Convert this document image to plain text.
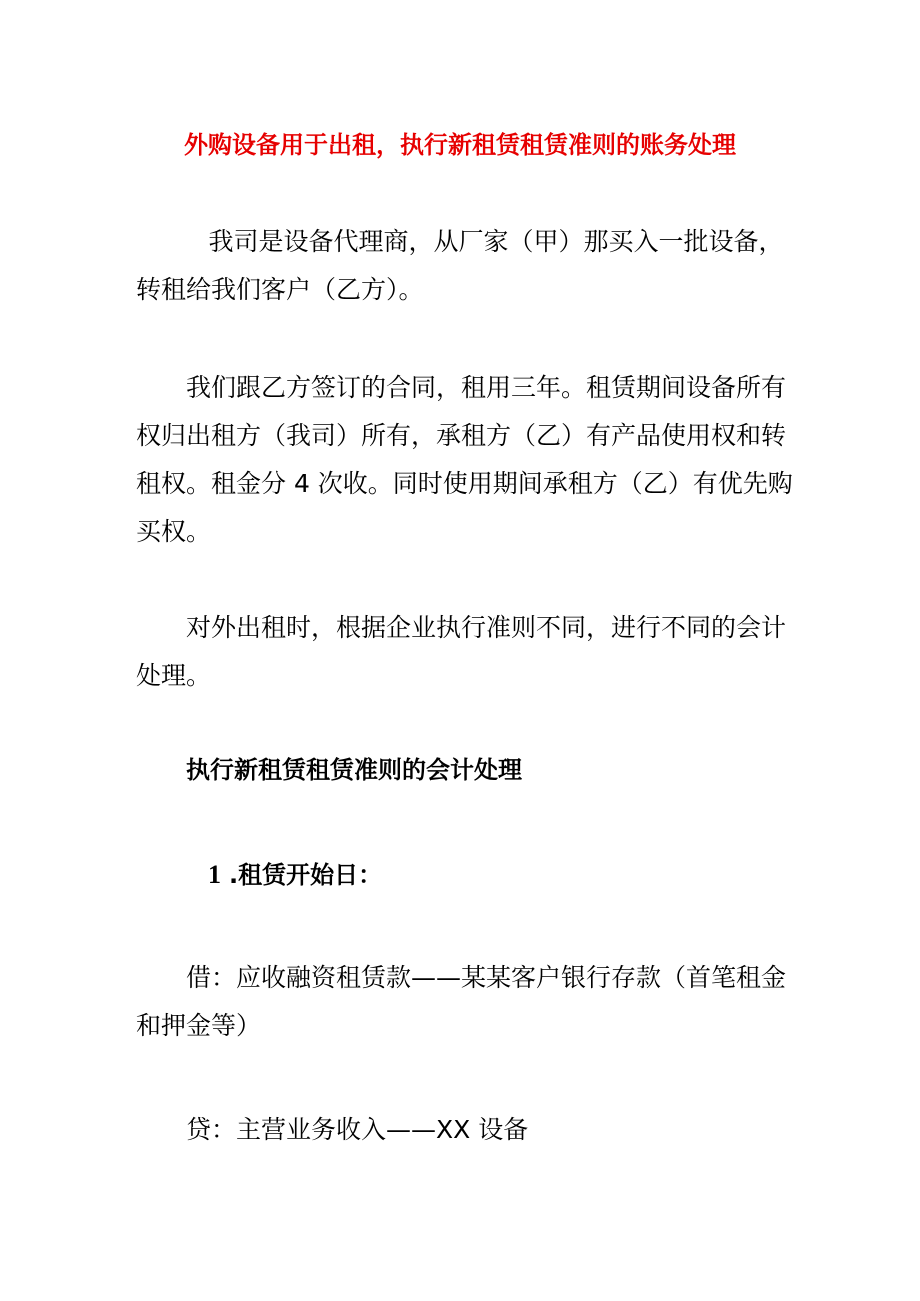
外购设备用于出租，执行新租赁租赁准则的账务处理

我司是设备代理商，从厂家（甲）那买入一批设备，转租给我们客户（乙方）。

我们跟乙方签订的合同，租用三年。租赁期间设备所有权归出租方（我司）所有，承租方（乙）有产品使用权和转租权。租金分 4 次收。同时使用期间承租方（乙）有优先购买权。

对外出租时，根据企业执行准则不同，进行不同的会计处理。

执行新租赁租赁准则的会计处理
1 .租赁开始日：

借：应收融资租赁款——某某客户银行存款（首笔租金和押金等）

贷：主营业务收入——XX 设备
